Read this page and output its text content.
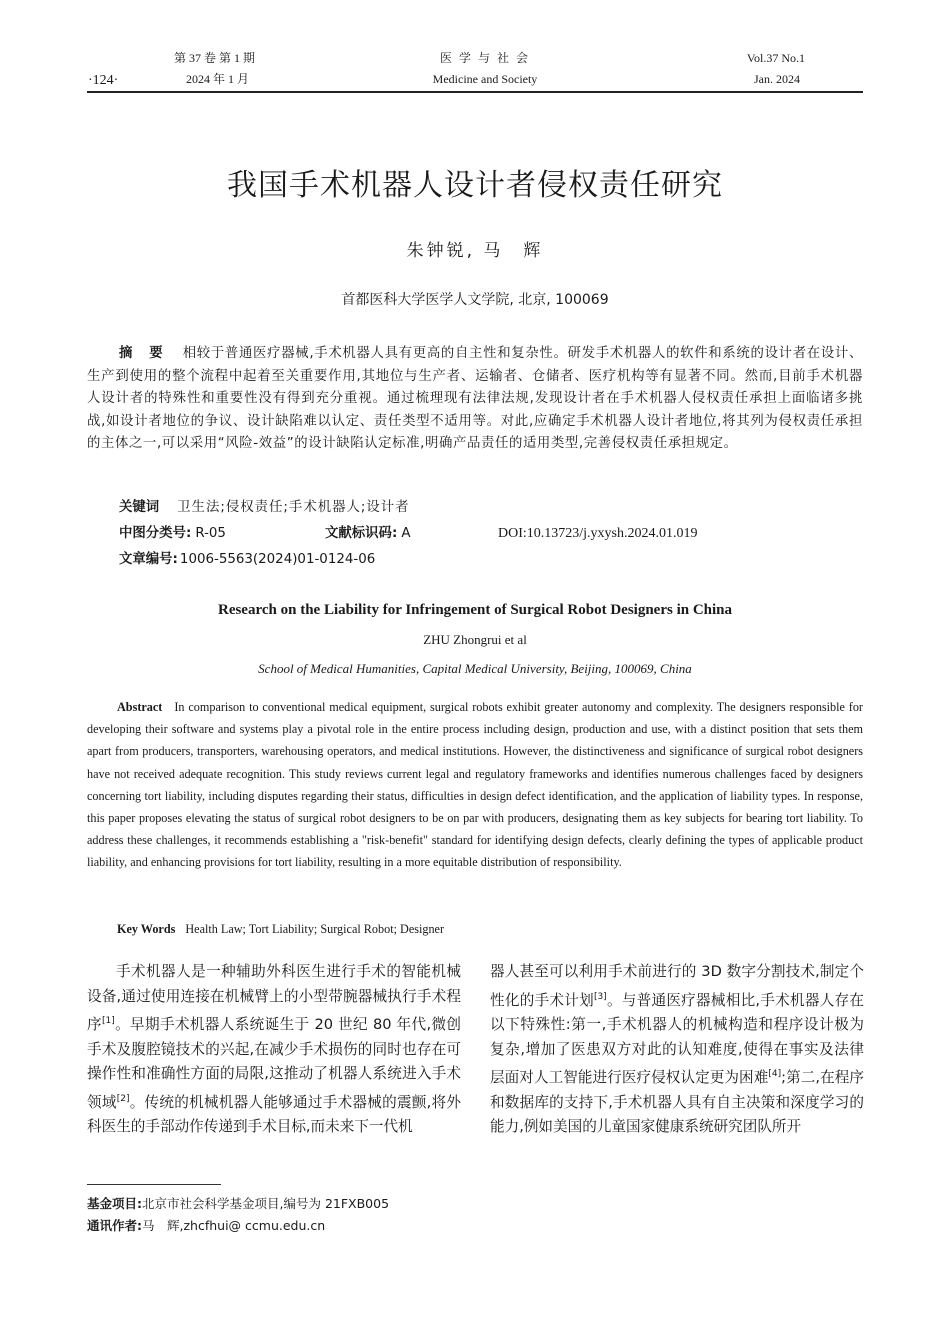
·124·
第 37 卷 第 1 期
2024 年 1 月
医 学 与 社 会
Medicine and Society
Vol.37 No.1
Jan. 2024
我国手术机器人设计者侵权责任研究
朱钟锐, 马　辉
首都医科大学医学人文学院, 北京, 100069
摘 要 相较于普通医疗器械,手术机器人具有更高的自主性和复杂性。研发手术机器人的软件和系统的设计者在设计、生产到使用的整个流程中起着至关重要作用,其地位与生产者、运输者、仓储者、医疗机构等有显著不同。然而,目前手术机器人设计者的特殊性和重要性没有得到充分重视。通过梳理现有法律法规,发现设计者在手术机器人侵权责任承担上面临诸多挑战,如设计者地位的争议、设计缺陷难以认定、责任类型不适用等。对此,应确定手术机器人设计者地位,将其列为侵权责任承担的主体之一,可以采用“风险-效益”的设计缺陷认定标准,明确产品责任的适用类型,完善侵权责任承担规定。
关键词 卫生法;侵权责任;手术机器人;设计者
中图分类号: R-05	文献标识码: A	DOI:10.13723/j.yxysh.2024.01.019
文章编号: 1006-5563(2024)01-0124-06
Research on the Liability for Infringement of Surgical Robot Designers in China
ZHU Zhongrui et al
School of Medical Humanities, Capital Medical University, Beijing, 100069, China
Abstract In comparison to conventional medical equipment, surgical robots exhibit greater autonomy and complexity. The designers responsible for developing their software and systems play a pivotal role in the entire process including design, production and use, with a distinct position that sets them apart from producers, transporters, warehousing operators, and medical institutions. However, the distinctiveness and significance of surgical robot designers have not received adequate recognition. This study reviews current legal and regulatory frameworks and identifies numerous challenges faced by designers concerning tort liability, including disputes regarding their status, difficulties in design defect identification, and the application of liability types. In response, this paper proposes elevating the status of surgical robot designers to be on par with producers, designating them as key subjects for bearing tort liability. To address these challenges, it recommends establishing a "risk-benefit" standard for identifying design defects, clearly defining the types of applicable product liability, and enhancing provisions for tort liability, resulting in a more equitable distribution of responsibility.
Key Words Health Law; Tort Liability; Surgical Robot; Designer
手术机器人是一种辅助外科医生进行手术的智能机械设备,通过使用连接在机械臂上的小型带腕器械执行手术程序[1]。早期手术机器人系统诞生于 20 世纪 80 年代,微创手术及腹腔镜技术的兴起,在减少手术损伤的同时也存在可操作性和准确性方面的局限,这推动了机器人系统进入手术领域[2]。传统的机械机器人能够通过手术器械的震颤,将外科医生的手部动作传递到手术目标,而未来下一代机
器人甚至可以利用手术前进行的 3D 数字分割技术,制定个性化的手术计划[3]。与普通医疗器械相比,手术机器人存在以下特殊性:第一,手术机器人的机械构造和程序设计极为复杂,增加了医患双方对此的认知难度,使得在事实及法律层面对人工智能进行医疗侵权认定更为困难[4];第二,在程序和数据库的支持下,手术机器人具有自主决策和深度学习的能力,例如美国的儿童国家健康系统研究团队所开
基金项目:北京市社会科学基金项目,编号为 21FXB005
通讯作者:马　辉,zhcfhui@ ccmu.edu.cn
